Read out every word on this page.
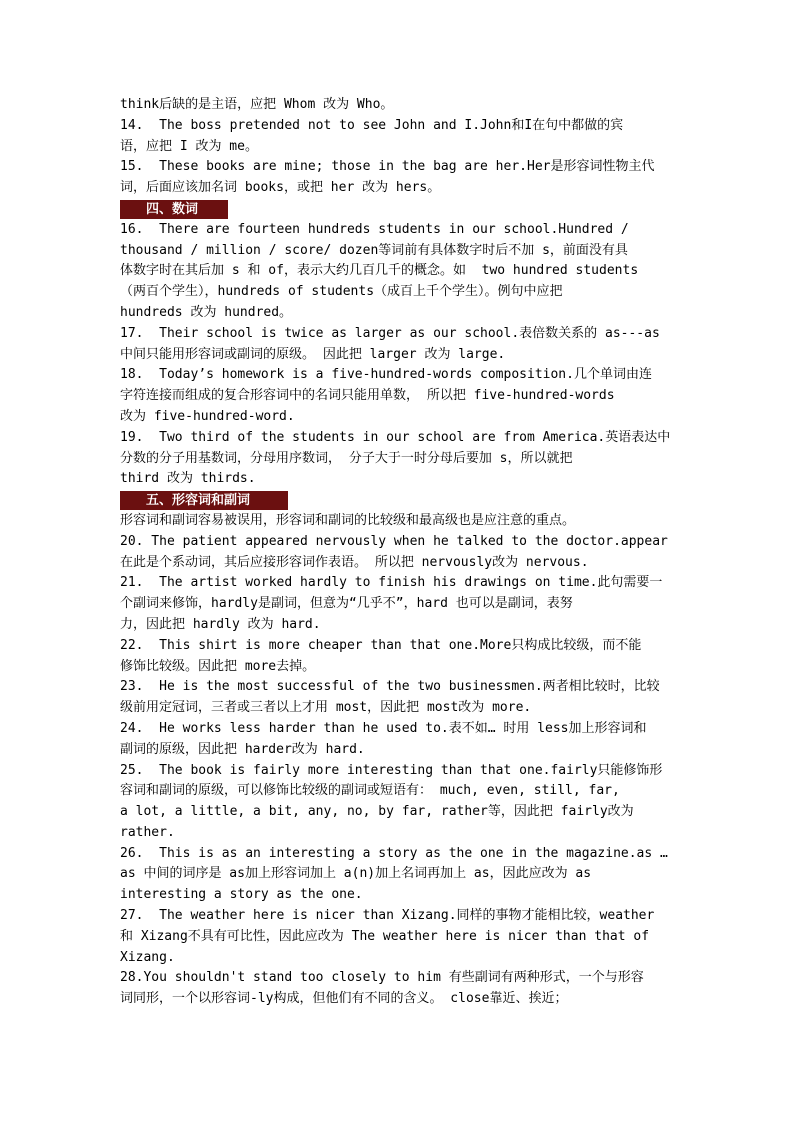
think后缺的是主语，应把 Whom 改为 Who。
14.  The boss pretended not to see John and I.John和I在句中都做的宾
语，应把 I 改为 me。
15.  These books are mine; those in the bag are her.Her是形容词性物主代
词，后面应该加名词 books，或把 her 改为 hers。
四、数词
16.  There are fourteen hundreds students in our school.Hundred /
thousand / million / score/ dozen等词前有具体数字时后不加 s，前面没有具
体数字时在其后加 s 和 of，表示大约几百几千的概念。如  two hundred students
（两百个学生），hundreds of students（成百上千个学生）。例句中应把
hundreds 改为 hundred。
17.  Their school is twice as larger as our school.表倍数关系的 as---as
中间只能用形容词或副词的原级。 因此把 larger 改为 large.
18.  Today’s homework is a five-hundred-words composition.几个单词由连
字符连接而组成的复合形容词中的名词只能用单数， 所以把 five-hundred-words
改为 five-hundred-word.
19.  Two third of the students in our school are from America.英语表达中
分数的分子用基数词，分母用序数词， 分子大于一时分母后要加 s，所以就把
third 改为 thirds.
五、形容词和副词
形容词和副词容易被误用，形容词和副词的比较级和最高级也是应注意的重点。
20. The patient appeared nervously when he talked to the doctor.appear
在此是个系动词，其后应接形容词作表语。 所以把 nervously改为 nervous.
21.  The artist worked hardly to finish his drawings on time.此句需要一
个副词来修饰，hardly是副词，但意为“几乎不”，hard 也可以是副词，表努
力，因此把 hardly 改为 hard.
22.  This shirt is more cheaper than that one.More只构成比较级，而不能
修饰比较级。因此把 more去掉。
23.  He is the most successful of the two businessmen.两者相比较时，比较
级前用定冠词，三者或三者以上才用 most，因此把 most改为 more.
24.  He works less harder than he used to.表不如… 时用 less加上形容词和
副词的原级，因此把 harder改为 hard.
25.  The book is fairly more interesting than that one.fairly只能修饰形
容词和副词的原级，可以修饰比较级的副词或短语有： much, even, still, far,
a lot, a little, a bit, any, no, by far, rather等，因此把 fairly改为
rather.
26.  This is as an interesting a story as the one in the magazine.as …
as 中间的词序是 as加上形容词加上 a(n)加上名词再加上 as，因此应改为 as
interesting a story as the one.
27.  The weather here is nicer than Xizang.同样的事物才能相比较，weather
和 Xizang不具有可比性，因此应改为 The weather here is nicer than that of
Xizang.
28.You shouldn't stand too closely to him 有些副词有两种形式，一个与形容
词同形，一个以形容词-ly构成，但他们有不同的含义。 close靠近、挨近；
